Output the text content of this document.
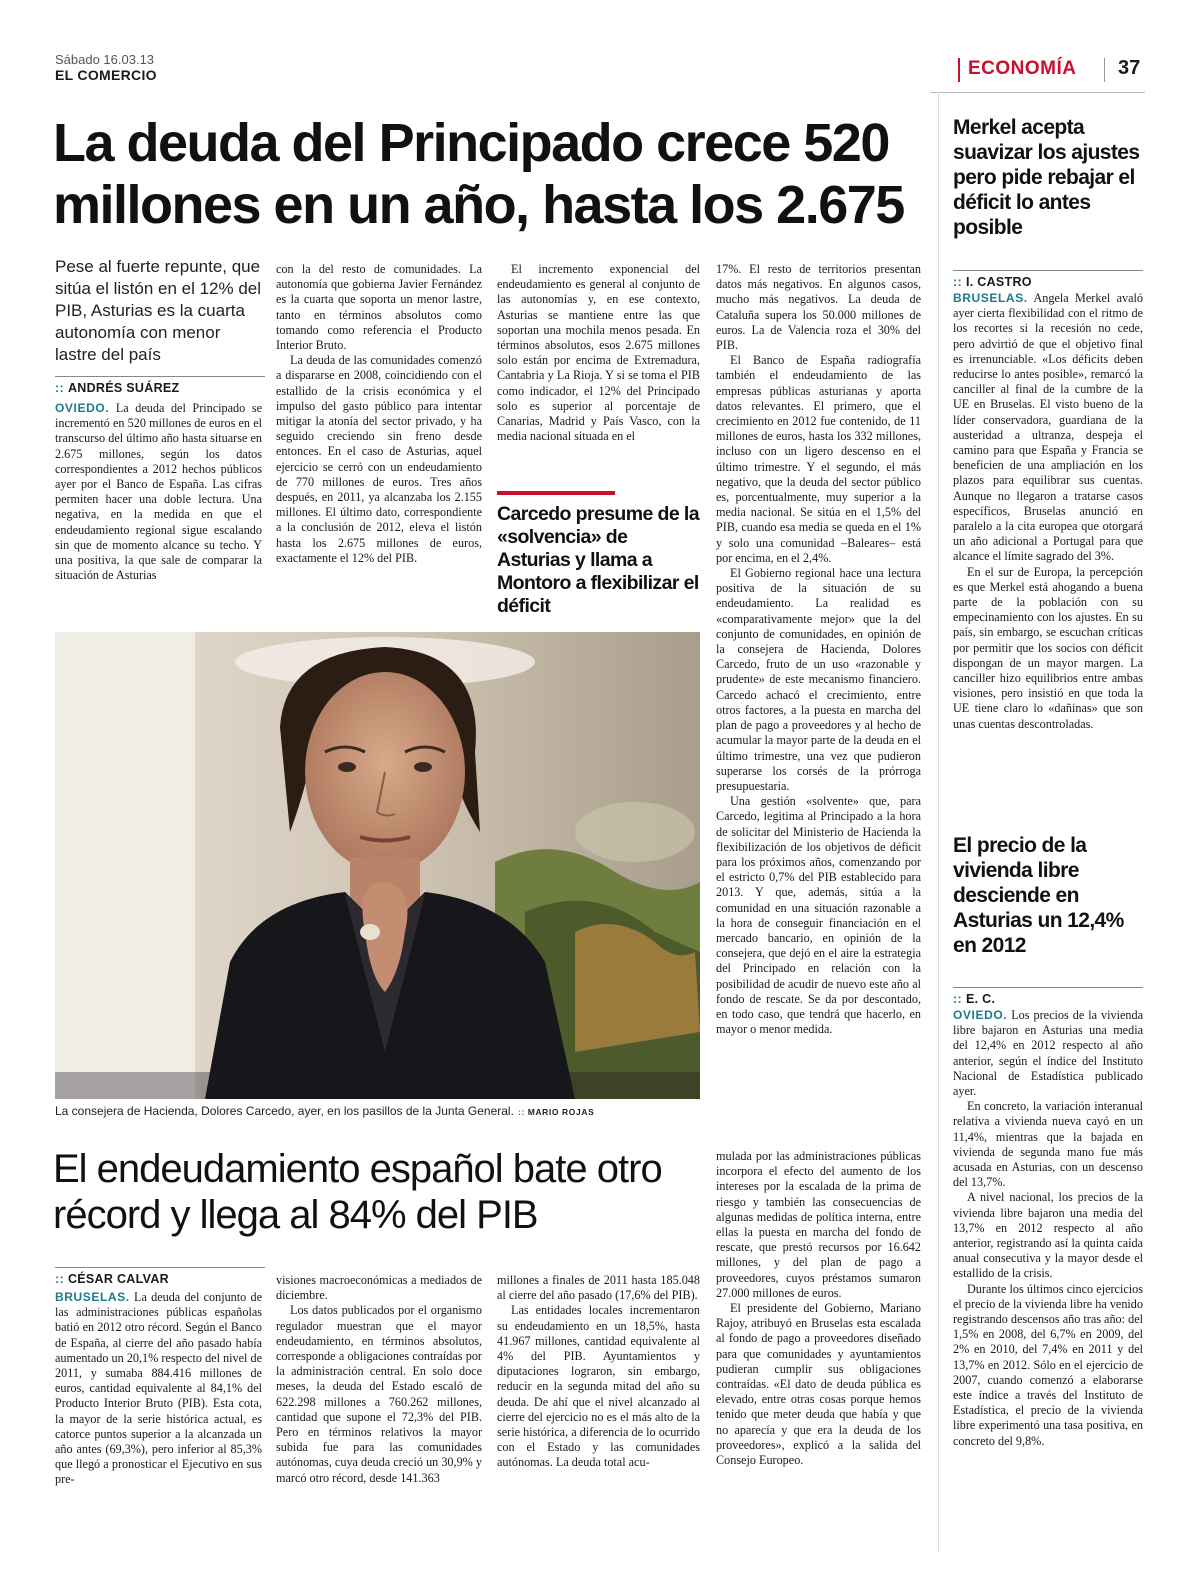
Sábado 16.03.13
EL COMERCIO	ECONOMÍA 37
La deuda del Principado crece 520 millones en un año, hasta los 2.675
Pese al fuerte repunte, que sitúa el listón en el 12% del PIB, Asturias es la cuarta autonomía con menor lastre del país
:: ANDRÉS SUÁREZ

OVIEDO. La deuda del Principado se incrementó en 520 millones de euros en el transcurso del último año hasta situarse en 2.675 millones, según los datos correspondientes a 2012 hechos públicos ayer por el Banco de España. Las cifras permiten hacer una doble lectura. Una negativa, en la medida en que el endeudamiento regional sigue escalando sin que de momento alcance su techo. Y una positiva, la que sale de comparar la situación de Asturias

con la del resto de comunidades. La autonomía que gobierna Javier Fernández es la cuarta que soporta un menor lastre, tanto en términos absolutos como tomando como referencia el Producto Interior Bruto.

La deuda de las comunidades comenzó a dispararse en 2008, coincidiendo con el estallido de la crisis económica y el impulso del gasto público para intentar mitigar la atonía del sector privado, y ha seguido creciendo sin freno desde entonces. En el caso de Asturias, aquel ejercicio se cerró con un endeudamiento de 770 millones de euros. Tres años después, en 2011, ya alcanzaba los 2.155 millones. El último dato, correspondiente a la conclusión de 2012, eleva el listón hasta los 2.675 millones de euros, exactamente el 12% del PIB.

El incremento exponencial del endeudamiento es general al conjunto de las autonomías y, en ese contexto, Asturias se mantiene entre las que soportan una mochila menos pesada. En términos absolutos, esos 2.675 millones solo están por encima de Extremadura, Cantabria y La Rioja. Y si se toma el PIB como indicador, el 12% del Principado solo es superior al porcentaje de Canarias, Madrid y País Vasco, con la media nacional situada en el

Carcedo presume de la «solvencia» de Asturias y llama a Montoro a flexibilizar el déficit

17%. El resto de territorios presentan datos más negativos. En algunos casos, mucho más negativos. La deuda de Cataluña supera los 50.000 millones de euros. La de Valencia roza el 30% del PIB.

El Banco de España radiografía también el endeudamiento de las empresas públicas asturianas y aporta datos relevantes. El primero, que el crecimiento en 2012 fue contenido, de 11 millones de euros, hasta los 332 millones, incluso con un ligero descenso en el último trimestre. Y el segundo, el más negativo, que la deuda del sector público es, porcentualmente, muy superior a la media nacional. Se sitúa en el 1,5% del PIB, cuando esa media se queda en el 1% y solo una comunidad –Baleares– está por encima, en el 2,4%.

El Gobierno regional hace una lectura positiva de la situación de su endeudamiento. La realidad es «comparativamente mejor» que la del conjunto de comunidades, en opinión de la consejera de Hacienda, Dolores Carcedo, fruto de un uso «razonable y prudente» de este mecanismo financiero. Carcedo achacó el crecimiento, entre otros factores, a la puesta en marcha del plan de pago a proveedores y al hecho de acumular la mayor parte de la deuda en el último trimestre, una vez que pudieron superarse los corsés de la prórroga presupuestaria.

Una gestión «solvente» que, para Carcedo, legitima al Principado a la hora de solicitar del Ministerio de Hacienda la flexibilización de los objetivos de déficit para los próximos años, comenzando por el estricto 0,7% del PIB establecido para 2013. Y que, además, sitúa a la comunidad en una situación razonable a la hora de conseguir financiación en el mercado bancario, en opinión de la consejera, que dejó en el aire la estrategia del Principado en relación con la posibilidad de acudir de nuevo este año al fondo de rescate. Se da por descontado, en todo caso, que tendrá que hacerlo, en mayor o menor medida.

La consejera de Hacienda, Dolores Carcedo, ayer, en los pasillos de la Junta General. :: MARIO ROJAS
El endeudamiento español bate otro récord y llega al 84% del PIB
:: CÉSAR CALVAR

BRUSELAS. La deuda del conjunto de las administraciones públicas españolas batió en 2012 otro récord. Según el Banco de España, al cierre del año pasado había aumentado un 20,1% respecto del nivel de 2011, y sumaba 884.416 millones de euros, cantidad equivalente al 84,1% del Producto Interior Bruto (PIB). Esta cota, la mayor de la serie histórica actual, es catorce puntos superior a la alcanzada un año antes (69,3%), pero inferior al 85,3% que llegó a pronosticar el Ejecutivo en sus pre-

visiones macroeconómicas a mediados de diciembre.

Los datos publicados por el organismo regulador muestran que el mayor endeudamiento, en términos absolutos, corresponde a obligaciones contraídas por la administración central. En solo doce meses, la deuda del Estado escaló de 622.298 millones a 760.262 millones, cantidad que supone el 72,3% del PIB. Pero en términos relativos la mayor subida fue para las comunidades autónomas, cuya deuda creció un 30,9% y marcó otro récord, desde 141.363

millones a finales de 2011 hasta 185.048 al cierre del año pasado (17,6% del PIB).

Las entidades locales incrementaron su endeudamiento en un 18,5%, hasta 41.967 millones, cantidad equivalente al 4% del PIB. Ayuntamientos y diputaciones lograron, sin embargo, reducir en la segunda mitad del año su deuda. De ahí que el nivel alcanzado al cierre del ejercicio no es el más alto de la serie histórica, a diferencia de lo ocurrido con el Estado y las comunidades autónomas. La deuda total acu-

mulada por las administraciones públicas incorpora el efecto del aumento de los intereses por la escalada de la prima de riesgo y también las consecuencias de algunas medidas de política interna, entre ellas la puesta en marcha del fondo de rescate, que prestó recursos por 16.642 millones, y del plan de pago a proveedores, cuyos préstamos sumaron 27.000 millones de euros.

El presidente del Gobierno, Mariano Rajoy, atribuyó en Bruselas esta escalada al fondo de pago a proveedores diseñado para que comunidades y ayuntamientos pudieran cumplir sus obligaciones contraídas. «El dato de deuda pública es elevado, entre otras cosas porque hemos tenido que meter deuda que había y que no aparecía y que era la deuda de los proveedores», explicó a la salida del Consejo Europeo.

Merkel acepta suavizar los ajustes pero pide rebajar el déficit lo antes posible
:: I. CASTRO

BRUSELAS. Angela Merkel avaló ayer cierta flexibilidad con el ritmo de los recortes si la recesión no cede, pero advirtió de que el objetivo final es irrenunciable. «Los déficits deben reducirse lo antes posible», remarcó la canciller al final de la cumbre de la UE en Bruselas. El visto bueno de la líder conservadora, guardiana de la austeridad a ultranza, despeja el camino para que España y Francia se beneficien de una ampliación en los plazos para equilibrar sus cuentas. Aunque no llegaron a tratarse casos específicos, Bruselas anunció en paralelo a la cita europea que otorgará un año adicional a Portugal para que alcance el límite sagrado del 3%.

En el sur de Europa, la percepción es que Merkel está ahogando a buena parte de la población con su empecinamiento con los ajustes. En su país, sin embargo, se escuchan críticas por permitir que los socios con déficit dispongan de un mayor margen. La canciller hizo equilibrios entre ambas visiones, pero insistió en que toda la UE tiene claro lo «dañinas» que son unas cuentas descontroladas.

El precio de la vivienda libre desciende en Asturias un 12,4% en 2012
:: E. C.

OVIEDO. Los precios de la vivienda libre bajaron en Asturias una media del 12,4% en 2012 respecto al año anterior, según el índice del Instituto Nacional de Estadística publicado ayer.

En concreto, la variación interanual relativa a vivienda nueva cayó en un 11,4%, mientras que la bajada en vivienda de segunda mano fue más acusada en Asturias, con un descenso del 13,7%.

A nivel nacional, los precios de la vivienda libre bajaron una media del 13,7% en 2012 respecto al año anterior, registrando así la quinta caída anual consecutiva y la mayor desde el estallido de la crisis.

Durante los últimos cinco ejercicios el precio de la vivienda libre ha venido registrando descensos año tras año: del 1,5% en 2008, del 6,7% en 2009, del 2% en 2010, del 7,4% en 2011 y del 13,7% en 2012. Sólo en el ejercicio de 2007, cuando comenzó a elaborarse este índice a través del Instituto de Estadística, el precio de la vivienda libre experimentó una tasa positiva, en concreto del 9,8%.
